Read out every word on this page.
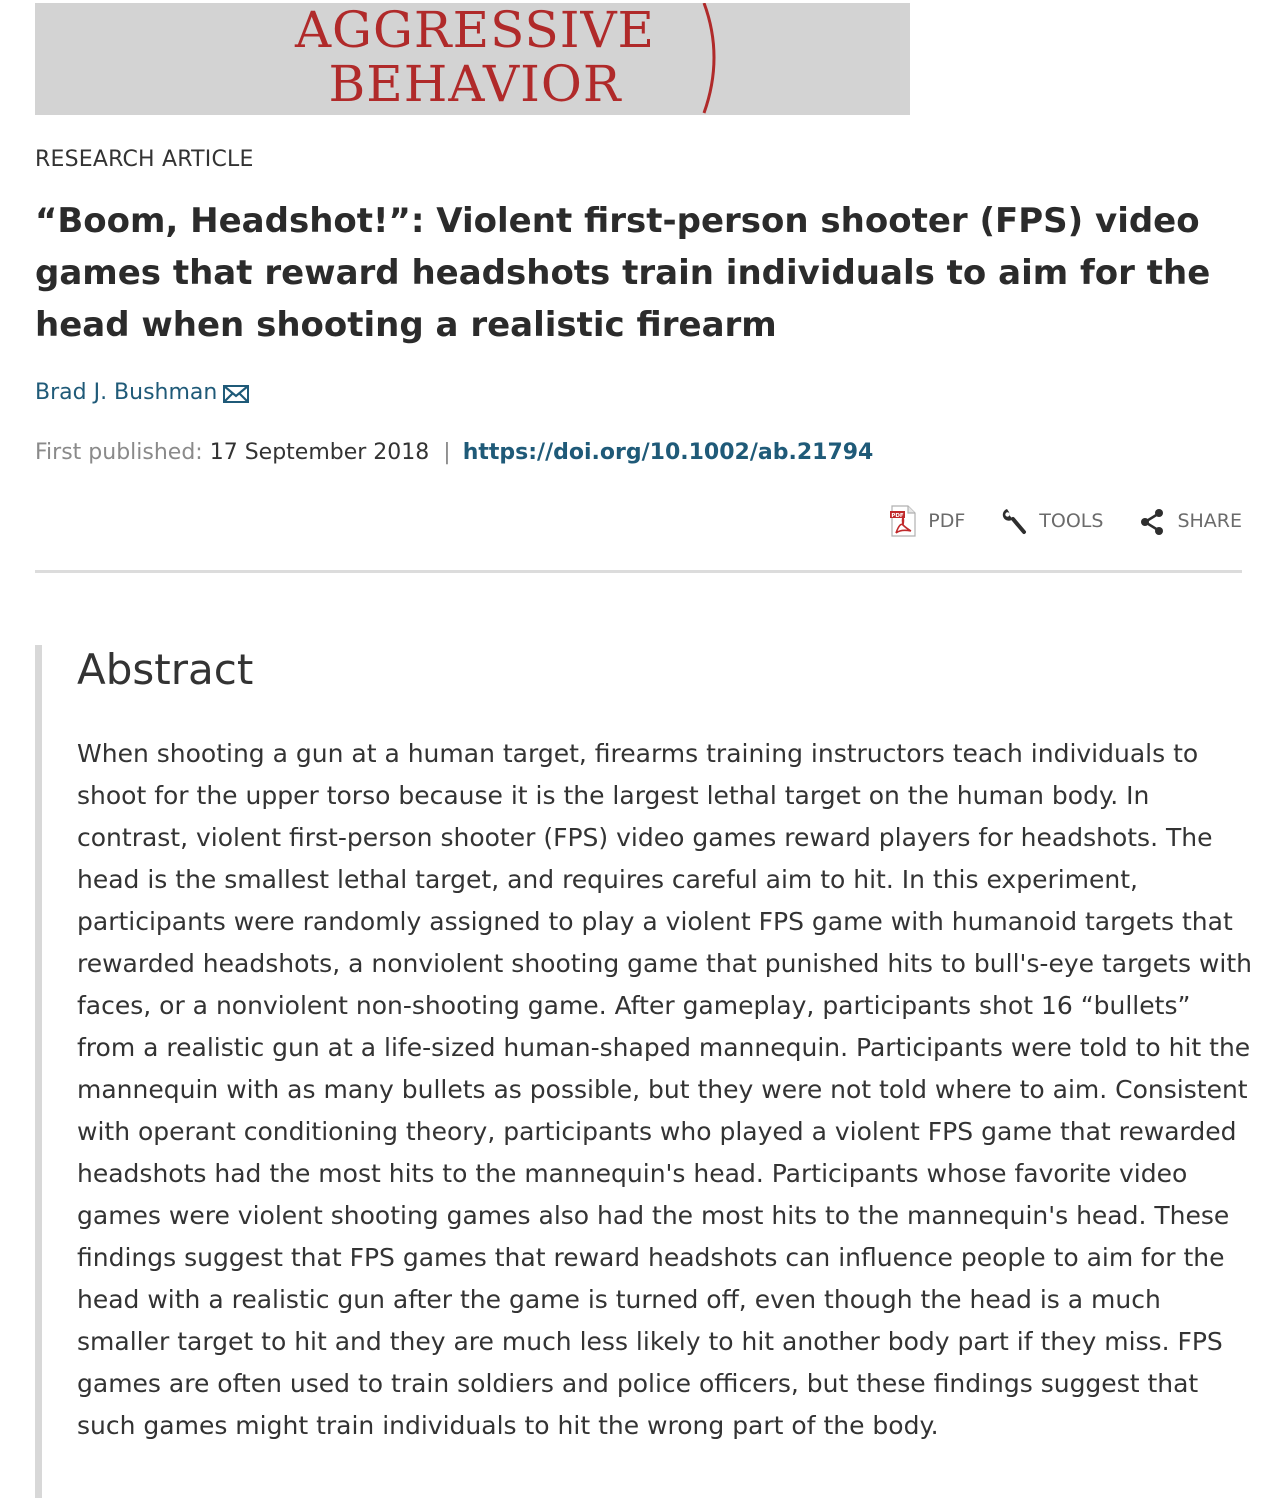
AGGRESSIVE
BEHAVIOR
RESEARCH ARTICLE
“Boom, Headshot!”: Violent first-person shooter (FPS) video games that reward headshots train individuals to aim for the head when shooting a realistic firearm
Brad J. Bushman
First published: 17 September 2018 | https://doi.org/10.1002/ab.21794
PDF PDF	TOOLS	SHARE
Abstract

When shooting a gun at a human target, firearms training instructors teach individuals to shoot for the upper torso because it is the largest lethal target on the human body. In contrast, violent first-person shooter (FPS) video games reward players for headshots. The head is the smallest lethal target, and requires careful aim to hit. In this experiment, participants were randomly assigned to play a violent FPS game with humanoid targets that rewarded headshots, a nonviolent shooting game that punished hits to bull's-eye targets with faces, or a nonviolent non-shooting game. After gameplay, participants shot 16 “bullets” from a realistic gun at a life-sized human-shaped mannequin. Participants were told to hit the mannequin with as many bullets as possible, but they were not told where to aim. Consistent with operant conditioning theory, participants who played a violent FPS game that rewarded headshots had the most hits to the mannequin's head. Participants whose favorite video games were violent shooting games also had the most hits to the mannequin's head. These findings suggest that FPS games that reward headshots can influence people to aim for the head with a realistic gun after the game is turned off, even though the head is a much smaller target to hit and they are much less likely to hit another body part if they miss. FPS games are often used to train soldiers and police officers, but these findings suggest that such games might train individuals to hit the wrong part of the body.
